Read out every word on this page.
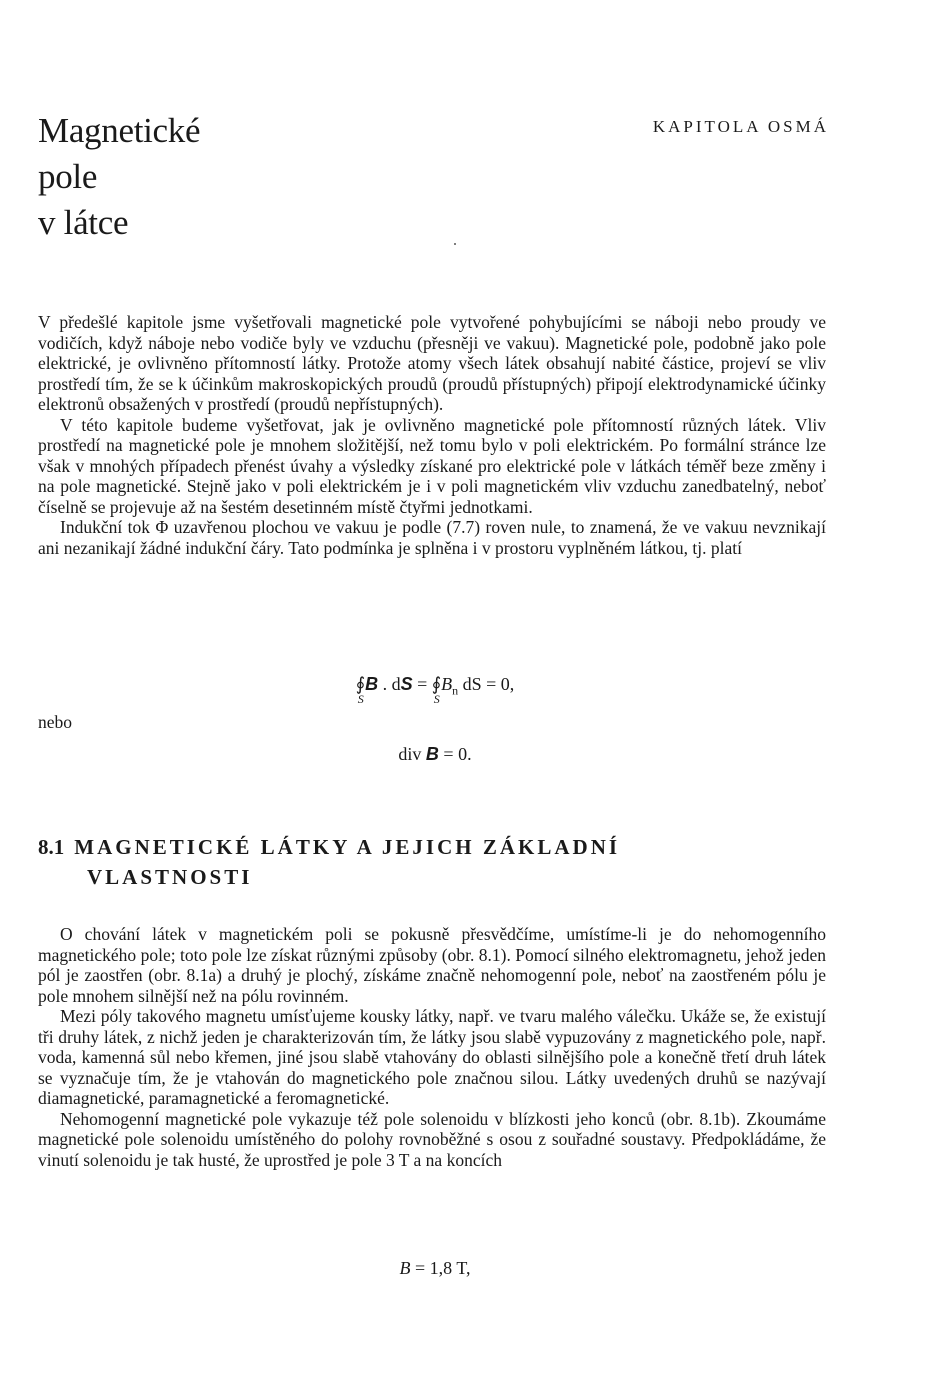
Magnetické
pole
v látce
KAPITOLA OSMÁ

V předešlé kapitole jsme vyšetřovali magnetické pole vytvořené pohybujícími se náboji nebo proudy ve vodičích, když náboje nebo vodiče byly ve vzduchu (přesněji ve vakuu). Magnetické pole, podobně jako pole elektrické, je ovlivněno přítomností látky. Protože atomy všech látek obsahují nabité částice, projeví se vliv prostředí tím, že se k účinkům makroskopických proudů (proudů přístupných) připojí elektrodynamické účinky elektronů obsažených v prostředí (proudů nepřístupných).

V této kapitole budeme vyšetřovat, jak je ovlivněno magnetické pole přítomností různých látek. Vliv prostředí na magnetické pole je mnohem složitější, než tomu bylo v poli elektrickém. Po formální stránce lze však v mnohých případech přenést úvahy a výsledky získané pro elektrické pole v látkách téměř beze změny i na pole magnetické. Stejně jako v poli elektrickém je i v poli magnetickém vliv vzduchu zanedbatelný, neboť číselně se projevuje až na šestém desetinném místě čtyřmi jednotkami.

Indukční tok Φ uzavřenou plochou ve vakuu je podle (7.7) roven nule, to znamená, že ve vakuu nevznikají ani nezanikají žádné indukční čáry. Tato podmínka je splněna i v prostoru vyplněném látkou, tj. platí

∮
S
B . dS = ∮
S
$B_n$ dS = 0,
nebo
div B = 0.
8.1 MAGNETICKÉ LÁTKY A JEJICH ZÁKLADNÍ
VLASTNOSTI

O chování látek v magnetickém poli se pokusně přesvědčíme, umístíme-li je do nehomogenního magnetického pole; toto pole lze získat různými způsoby (obr. 8.1). Pomocí silného elektromagnetu, jehož jeden pól je zaostřen (obr. 8.1a) a druhý je plochý, získáme značně nehomogenní pole, neboť na zaostřeném pólu je pole mnohem silnější než na pólu rovinném.

Mezi póly takového magnetu umísťujeme kousky látky, např. ve tvaru malého válečku. Ukáže se, že existují tři druhy látek, z nichž jeden je charakterizován tím, že látky jsou slabě vypuzovány z magnetického pole, např. voda, kamenná sůl nebo křemen, jiné jsou slabě vtahovány do oblasti silnějšího pole a konečně třetí druh látek se vyznačuje tím, že je vtahován do magnetického pole značnou silou. Látky uvedených druhů se nazývají diamagnetické, paramagnetické a feromagnetické.

Nehomogenní magnetické pole vykazuje též pole solenoidu v blízkosti jeho konců (obr. 8.1b). Zkoumáme magnetické pole solenoidu umístěného do polohy rovnoběžné s osou z souřadné soustavy. Předpokládáme, že vinutí solenoidu je tak husté, že uprostřed je pole 3 T a na koncích

B = 1,8 T,
